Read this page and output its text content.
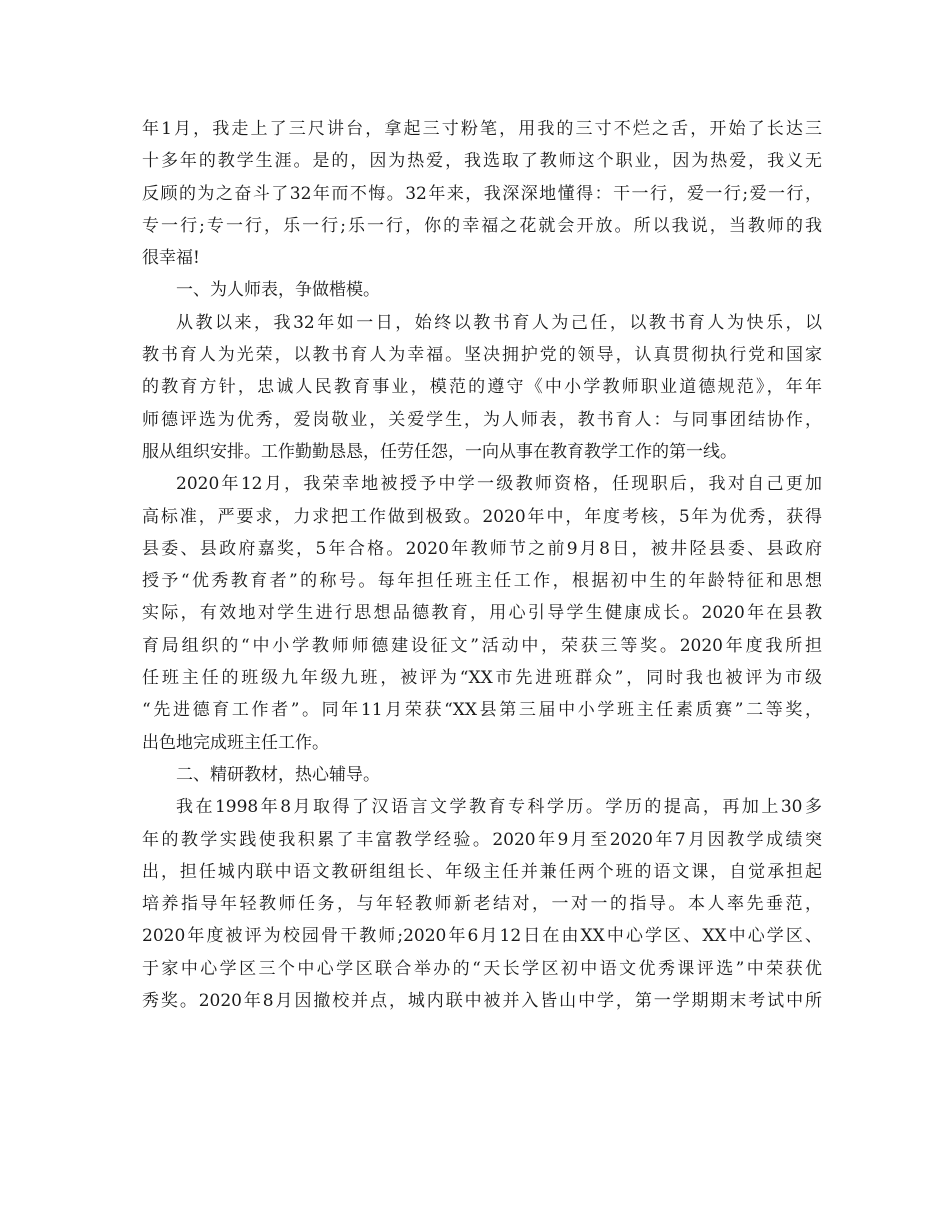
年1月，我走上了三尺讲台，拿起三寸粉笔，用我的三寸不烂之舌，开始了长达三
十多年的教学生涯。是的，因为热爱，我选取了教师这个职业，因为热爱，我义无
反顾的为之奋斗了32年而不悔。32年来，我深深地懂得：干一行，爱一行;爱一行，
专一行;专一行，乐一行;乐一行，你的幸福之花就会开放。所以我说，当教师的我
很幸福!
一、为人师表，争做楷模。
从教以来，我32年如一日，始终以教书育人为己任，以教书育人为快乐，以
教书育人为光荣，以教书育人为幸福。坚决拥护党的领导，认真贯彻执行党和国家
的教育方针，忠诚人民教育事业，模范的遵守《中小学教师职业道德规范》，年年
师德评选为优秀，爱岗敬业，关爱学生，为人师表，教书育人：与同事团结协作，
服从组织安排。工作勤勤恳恳，任劳任怨，一向从事在教育教学工作的第一线。
2020年12月，我荣幸地被授予中学一级教师资格，任现职后，我对自己更加
高标准，严要求，力求把工作做到极致。2020年中，年度考核，5年为优秀，获得
县委、县政府嘉奖，5年合格。2020年教师节之前9月8日，被井陉县委、县政府
授予“优秀教育者”的称号。每年担任班主任工作，根据初中生的年龄特征和思想
实际，有效地对学生进行思想品德教育，用心引导学生健康成长。2020年在县教
育局组织的“中小学教师师德建设征文”活动中，荣获三等奖。2020年度我所担
任班主任的班级九年级九班，被评为“XX市先进班群众”，同时我也被评为市级
“先进德育工作者”。同年11月荣获“XX县第三届中小学班主任素质赛”二等奖，
出色地完成班主任工作。
二、精研教材，热心辅导。
我在1998年8月取得了汉语言文学教育专科学历。学历的提高，再加上30多
年的教学实践使我积累了丰富教学经验。2020年9月至2020年7月因教学成绩突
出，担任城内联中语文教研组组长、年级主任并兼任两个班的语文课，自觉承担起
培养指导年轻教师任务，与年轻教师新老结对，一对一的指导。本人率先垂范，
2020年度被评为校园骨干教师;2020年6月12日在由XX中心学区、XX中心学区、
于家中心学区三个中心学区联合举办的“天长学区初中语文优秀课评选”中荣获优
秀奖。2020年8月因撤校并点，城内联中被并入皆山中学，第一学期期末考试中所
